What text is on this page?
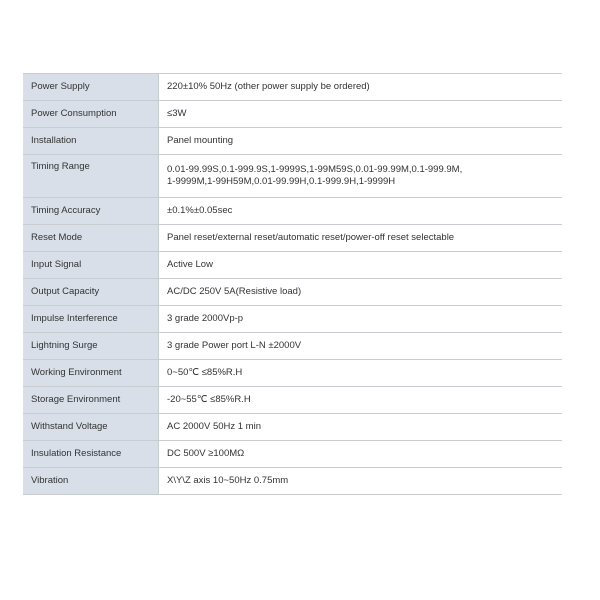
Power Supply	220±10% 50Hz (other power supply be ordered)
Power Consumption	≤3W
Installation	Panel mounting
Timing Range	0.01-99.99S,0.1-999.9S,1-9999S,1-99M59S,0.01-99.99M,0.1-999.9M,
1-9999M,1-99H59M,0.01-99.99H,0.1-999.9H,1-9999H
Timing Accuracy	±0.1%±0.05sec
Reset Mode	Panel reset/external reset/automatic reset/power-off reset selectable
Input Signal	Active Low
Output Capacity	AC/DC 250V 5A(Resistive load)
Impulse Interference	3 grade 2000Vp-p
Lightning Surge	3 grade Power port L-N ±2000V
Working Environment	0~50℃ ≤85%R.H
Storage Environment	-20~55℃ ≤85%R.H
Withstand Voltage	AC 2000V 50Hz 1 min
Insulation Resistance	DC 500V ≥100MΩ
Vibration	X\Y\Z axis 10~50Hz 0.75mm
